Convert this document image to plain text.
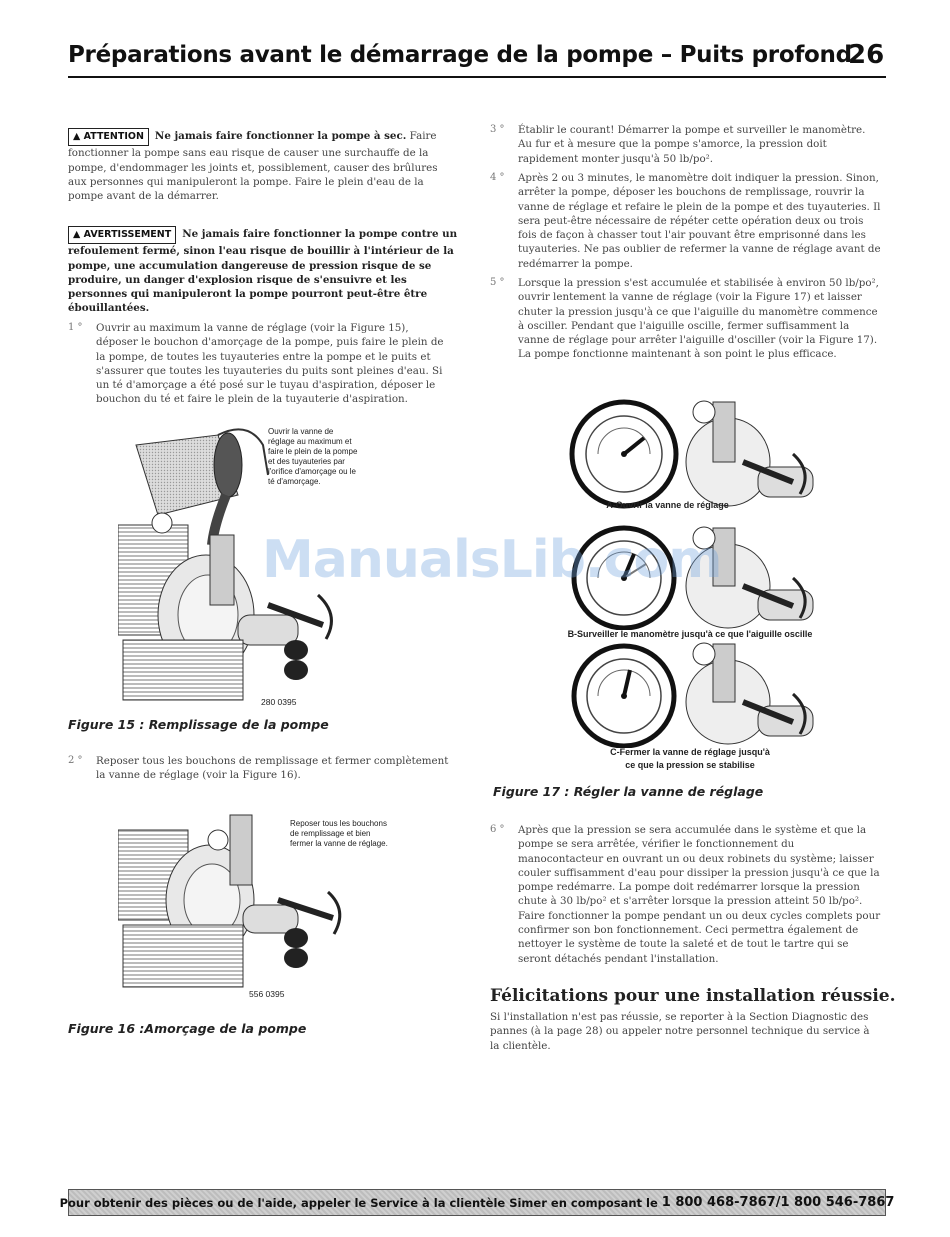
Préparations avant le démarrage de la pompe – Puits profond
26
▲ ATTENTION Ne jamais faire fonctionner la pompe à sec. Faire fonctionner la pompe sans eau risque de causer une surchauffe de la pompe, d'endommager les joints et, possiblement, causer des brûlures aux personnes qui manipuleront la pompe. Faire le plein d'eau de la pompe avant de la démarrer.
▲ AVERTISSEMENT Ne jamais faire fonctionner la pompe contre un refoulement fermé, sinon l'eau risque de bouillir à l'intérieur de la pompe, une accumulation dangereuse de pression risque de se produire, un danger d'explosion risque de s'ensuivre et les personnes qui manipuleront la pompe pourront peut-être être ébouillantées.
1 °	Ouvrir au maximum la vanne de réglage (voir la Figure 15), déposer le bouchon d'amorçage de la pompe, puis faire le plein de la pompe, de toutes les tuyauteries entre la pompe et le puits et s'assurer que toutes les tuyauteries du puits sont pleines d'eau. Si un té d'amorçage a été posé sur le tuyau d'aspiration, déposer le bouchon du té et faire le plein de la tuyauterie d'aspiration.
Ouvrir la vanne de réglage au maximum et faire le plein de la pompe et des tuyauteries par l'orifice d'amorçage ou le té d'amorçage.
280 0395
Figure 15 : Remplissage de la pompe
2 °	Reposer tous les bouchons de remplissage et fermer complètement la vanne de réglage (voir la Figure 16).
Reposer tous les bouchons de remplissage et bien fermer la vanne de réglage.
556 0395
Figure 16 :Amorçage de la pompe
3 °	Établir le courant! Démarrer la pompe et surveiller le manomètre. Au fur et à mesure que la pompe s'amorce, la pression doit rapidement monter jusqu'à 50 lb/po².
4 °	Après 2 ou 3 minutes, le manomètre doit indiquer la pression. Sinon, arrêter la pompe, déposer les bouchons de remplissage, rouvrir la vanne de réglage et refaire le plein de la pompe et des tuyauteries. Il sera peut-être nécessaire de répéter cette opération deux ou trois fois de façon à chasser tout l'air pouvant être emprisonné dans les tuyauteries. Ne pas oublier de refermer la vanne de réglage avant de redémarrer la pompe.
5 °	Lorsque la pression s'est accumulée et stabilisée à environ 50 lb/po², ouvrir lentement la vanne de réglage (voir la Figure 17) et laisser chuter la pression jusqu'à ce que l'aiguille du manomètre commence à osciller. Pendant que l'aiguille oscille, fermer suffisamment la vanne de réglage pour arrêter l'aiguille d'osciller (voir la Figure 17). La pompe fonctionne maintenant à son point le plus efficace.
A-Ouvrir la vanne de réglage
B-Surveiller le manomètre jusqu'à ce que l'aiguille oscille
C-Fermer la vanne de réglage jusqu'à
ce que la pression se stabilise
Figure 17 : Régler la vanne de réglage
6 °	Après que la pression se sera accumulée dans le système et que la pompe se sera arrêtée, vérifier le fonctionnement du manocontacteur en ouvrant un ou deux robinets du système; laisser couler suffisamment d'eau pour dissiper la pression jusqu'à ce que la pompe redémarre. La pompe doit redémarrer lorsque la pression chute à 30 lb/po² et s'arrêter lorsque la pression atteint 50 lb/po². Faire fonctionner la pompe pendant un ou deux cycles complets pour confirmer son bon fonctionnement. Ceci permettra également de nettoyer le système de toute la saleté et de tout le tartre qui se seront détachés pendant l'installation.
Félicitations pour une installation réussie.
Si l'installation n'est pas réussie, se reporter à la Section Diagnostic des pannes (à la page 28) ou appeler notre personnel technique du service à la clientèle.
ManualsLib.com
Pour obtenir des pièces ou de l'aide, appeler le Service à la clientèle Simer en composant le 1 800 468-7867/1 800 546-7867
